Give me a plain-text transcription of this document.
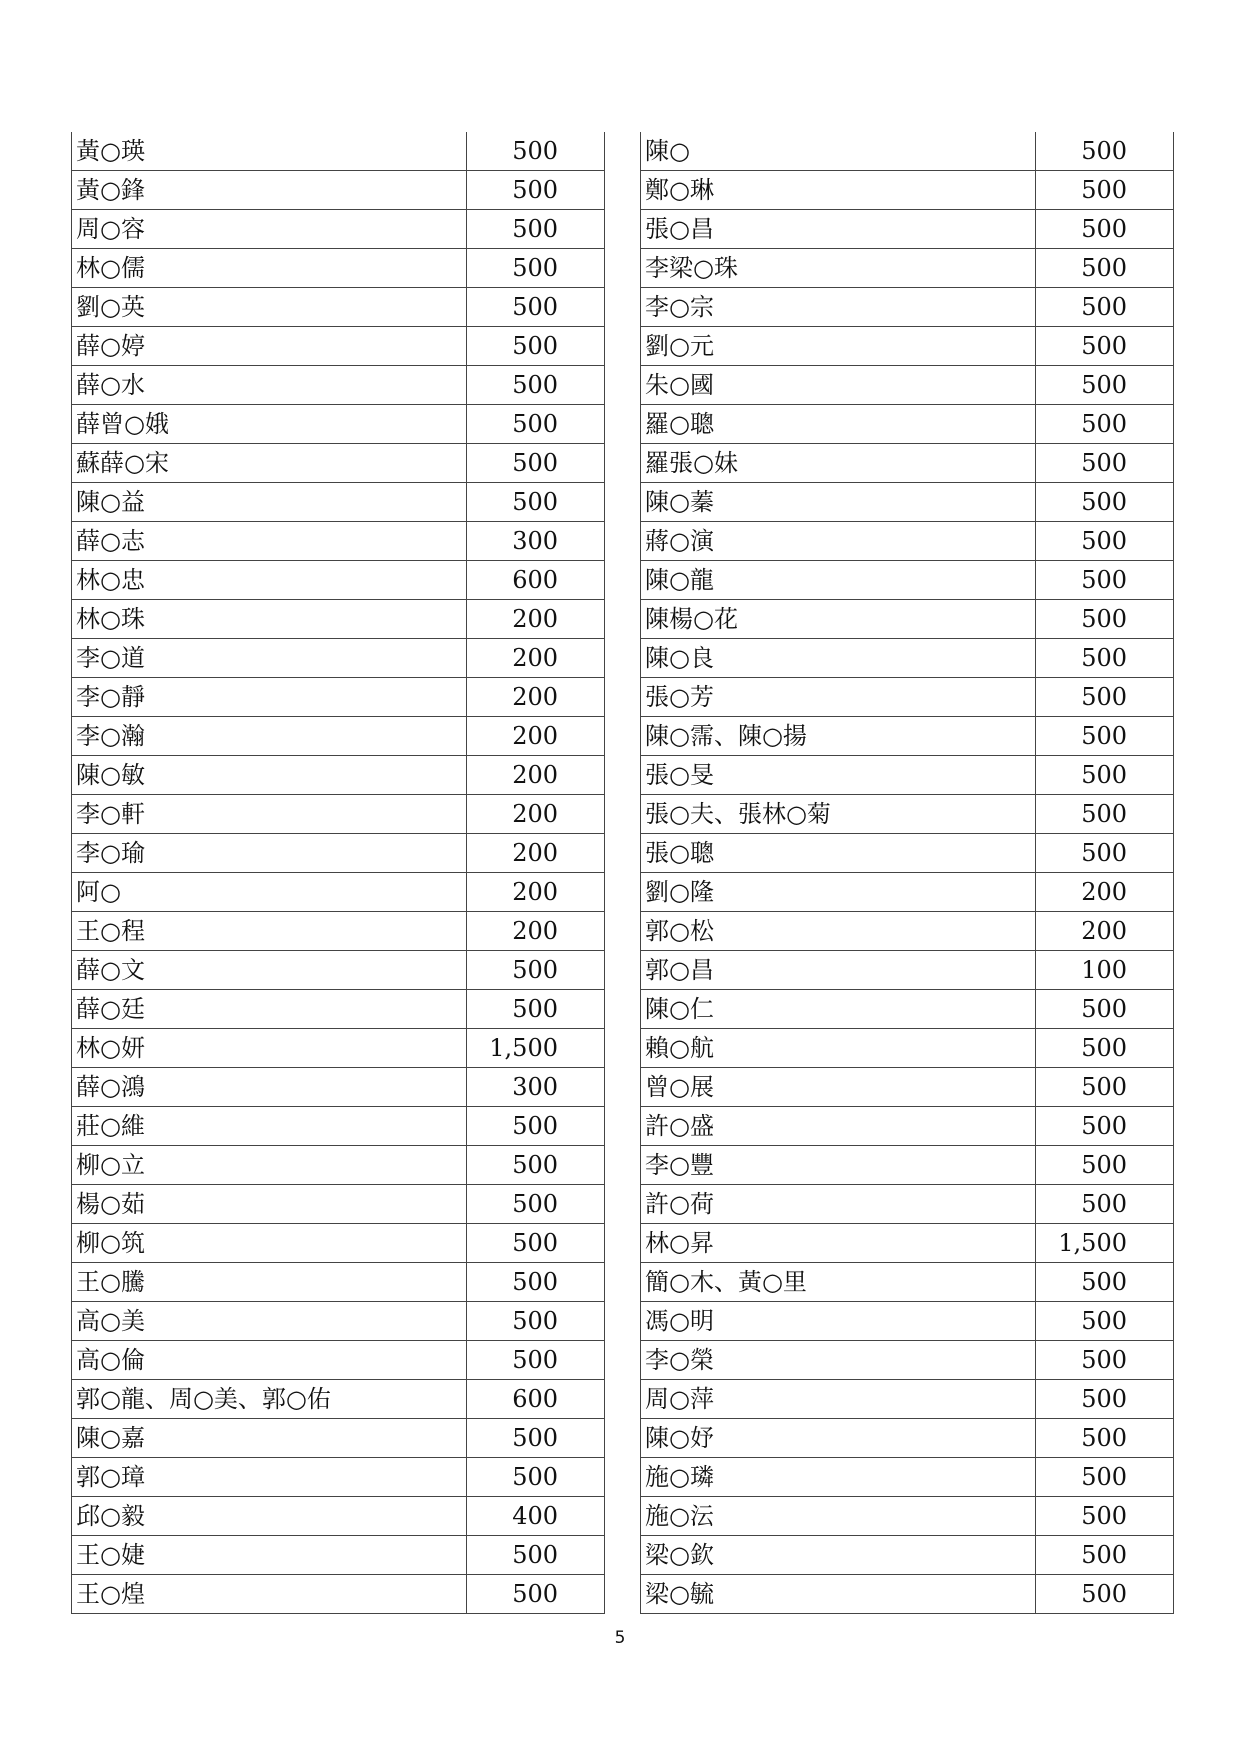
黃○瑛	500
黃○鋒	500
周○容	500
林○儒	500
劉○英	500
薛○婷	500
薛○水	500
薛曾○娥	500
蘇薛○宋	500
陳○益	500
薛○志	300
林○忠	600
林○珠	200
李○道	200
李○靜	200
李○瀚	200
陳○敏	200
李○軒	200
李○瑜	200
阿○	200
王○程	200
薛○文	500
薛○廷	500
林○妍	1,500
薛○鴻	300
莊○維	500
柳○立	500
楊○茹	500
柳○筑	500
王○騰	500
高○美	500
高○倫	500
郭○龍、周○美、郭○佑	600
陳○嘉	500
郭○璋	500
邱○毅	400
王○婕	500
王○煌	500
陳○	500
鄭○琳	500
張○昌	500
李梁○珠	500
李○宗	500
劉○元	500
朱○國	500
羅○聰	500
羅張○妹	500
陳○蓁	500
蔣○演	500
陳○龍	500
陳楊○花	500
陳○良	500
張○芳	500
陳○霈、陳○揚	500
張○旻	500
張○夫、張林○菊	500
張○聰	500
劉○隆	200
郭○松	200
郭○昌	100
陳○仁	500
賴○航	500
曾○展	500
許○盛	500
李○豐	500
許○荷	500
林○昇	1,500
簡○木、黃○里	500
馮○明	500
李○榮	500
周○萍	500
陳○妤	500
施○璘	500
施○沄	500
梁○欽	500
梁○毓	500
5
